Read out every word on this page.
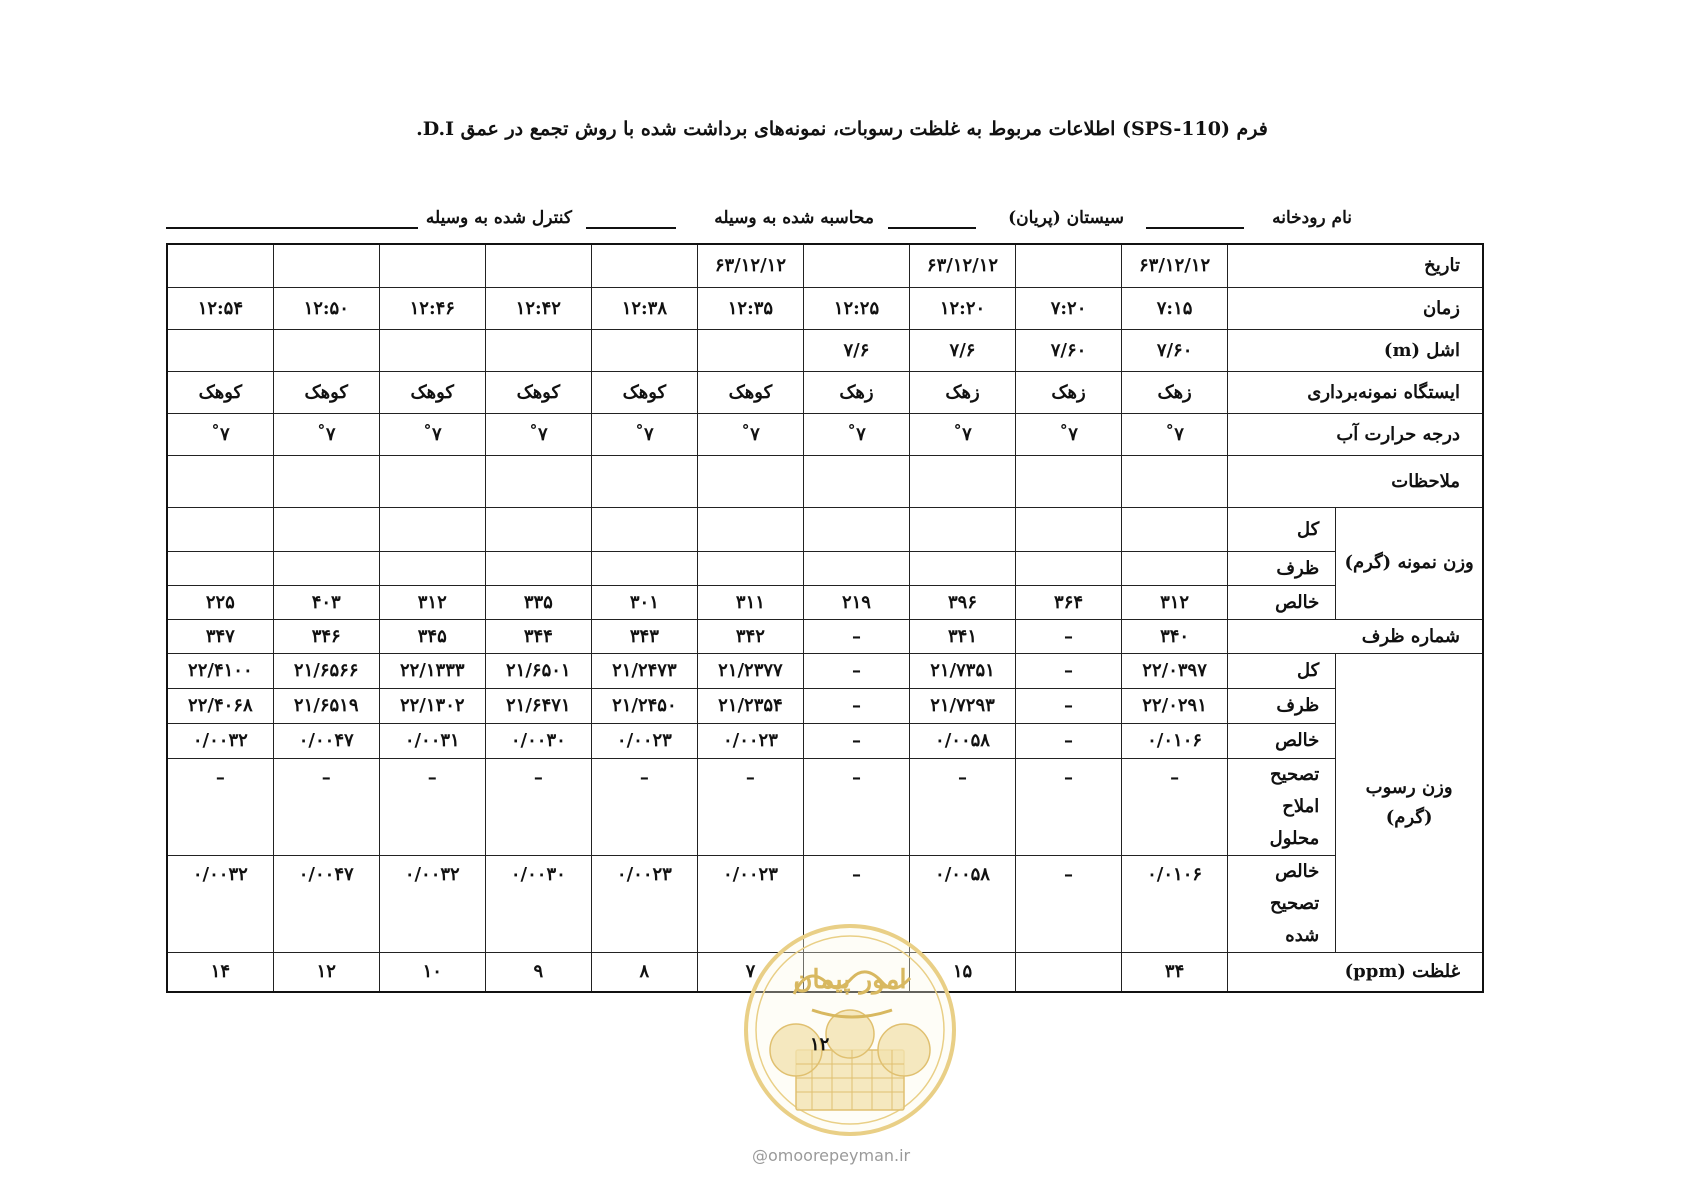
فرم (SPS-110) اطلاعات مربوط به غلظت رسوبات، نمونه‌های برداشت شده با روش تجمع در عمق D.I.
نام رودخانه
سیستان (پریان)
محاسبه شده به وسیله
کنترل شده به وسیله
تاریخ		۶۳/۱۲/۱۲		۶۳/۱۲/۱۲		۶۳/۱۲/۱۲					
زمان		۷:۱۵	۷:۲۰	۱۲:۲۰	۱۲:۲۵	۱۲:۳۵	۱۲:۳۸	۱۲:۴۲	۱۲:۴۶	۱۲:۵۰	۱۲:۵۴
اشل (m)		۷/۶۰	۷/۶۰	۷/۶	۷/۶						
ایستگاه نمونه‌برداری		زهک	زهک	زهک	زهک	کوهک	کوهک	کوهک	کوهک	کوهک	کوهک
درجه حرارت آب		۷˚	۷˚	۷˚	۷˚	۷˚	۷˚	۷˚	۷˚	۷˚	۷˚
ملاحظات											
وزن نمونه (گرم)	کل										
	ظرف										
	خالص	۳۱۲	۳۶۴	۳۹۶	۲۱۹	۳۱۱	۳۰۱	۳۳۵	۳۱۲	۴۰۳	۲۲۵
شماره ظرف		۳۴۰	–	۳۴۱	–	۳۴۲	۳۴۳	۳۴۴	۳۴۵	۳۴۶	۳۴۷

وزن رسوب
(گرم)	کل	۲۲/۰۳۹۷	–	۲۱/۷۳۵۱	–	۲۱/۲۳۷۷	۲۱/۲۴۷۳	۲۱/۶۵۰۱	۲۲/۱۳۳۳	۲۱/۶۵۶۶	۲۲/۴۱۰۰
	ظرف	۲۲/۰۲۹۱	–	۲۱/۷۲۹۳	–	۲۱/۲۳۵۴	۲۱/۲۴۵۰	۲۱/۶۴۷۱	۲۲/۱۳۰۲	۲۱/۶۵۱۹	۲۲/۴۰۶۸
	خالص	۰/۰۱۰۶	–	۰/۰۰۵۸	–	۰/۰۰۲۳	۰/۰۰۲۳	۰/۰۰۳۰	۰/۰۰۳۱	۰/۰۰۴۷	۰/۰۰۳۲

	تصحیح املاح
محلول	–	–	–	–	–	–	–	–	–	–

	خالص تصحیح
شده	۰/۰۱۰۶	–	۰/۰۰۵۸	–	۰/۰۰۲۳	۰/۰۰۲۳	۰/۰۰۳۰	۰/۰۰۳۲	۰/۰۰۴۷	۰/۰۰۳۲
غلظت (ppm)		۳۴		۱۵		۷	۸	۹	۱۰	۱۲	۱۴	امور پیمان
۱۲
@omoorepeyman.ir
